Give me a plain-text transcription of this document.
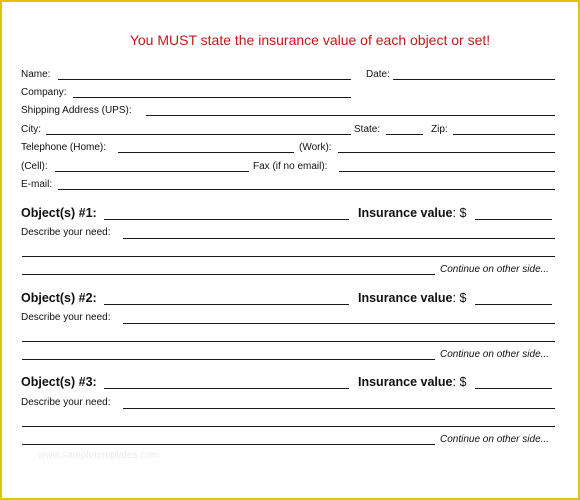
You MUST state the insurance value of each object or set!
Name:	Date:
Company:
Shipping Address (UPS):
City:	State:	Zip:
Telephone (Home):	(Work):
(Cell):	Fax (if no email):
E-mail:
Object(s) #1:	Insurance value: $
Describe your need:
Continue on other side...
Object(s) #2:	Insurance value: $
Describe your need:
Continue on other side...
Object(s) #3:	Insurance value: $
Describe your need:
Continue on other side...
www.sampletemplates.com
